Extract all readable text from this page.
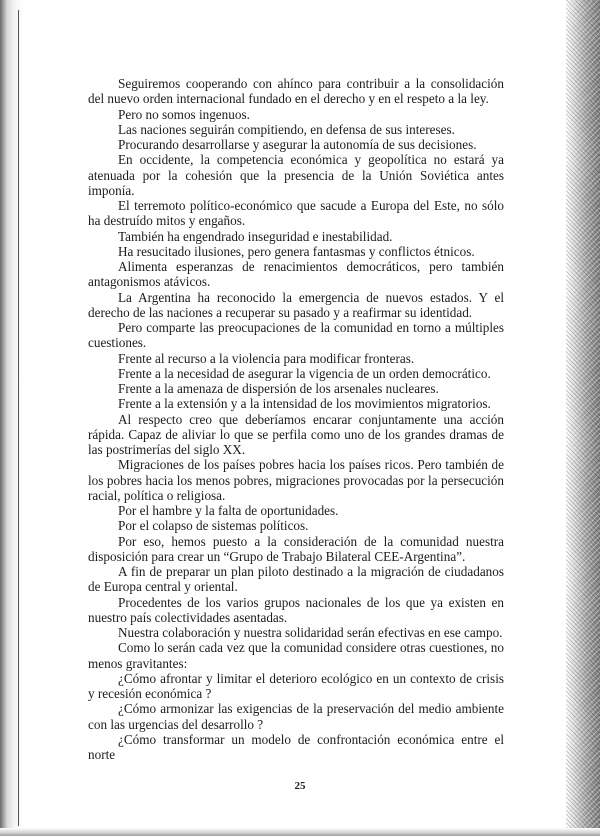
Seguiremos cooperando con ahínco para contribuir a la consolidación del nuevo orden internacional fundado en el derecho y en el respeto a la ley.

Pero no somos ingenuos.

Las naciones seguirán compitiendo, en defensa de sus intereses.

Procurando desarrollarse y asegurar la autonomía de sus decisiones.

En occidente, la competencia económica y geopolítica no estará ya atenuada por la cohesión que la presencia de la Unión Soviética antes imponía.

El terremoto político-económico que sacude a Europa del Este, no sólo ha destruído mitos y engaños.

También ha engendrado inseguridad e inestabilidad.

Ha resucitado ilusiones, pero genera fantasmas y conflictos étnicos.

Alimenta esperanzas de renacimientos democráticos, pero también antagonismos atávicos.

La Argentina ha reconocido la emergencia de nuevos estados. Y el derecho de las naciones a recuperar su pasado y a reafirmar su identidad.

Pero comparte las preocupaciones de la comunidad en torno a múltiples cuestiones.

Frente al recurso a la violencia para modificar fronteras.

Frente a la necesidad de asegurar la vigencia de un orden democrático.

Frente a la amenaza de dispersión de los arsenales nucleares.

Frente a la extensión y a la intensidad de los movimientos migratorios.

Al respecto creo que deberíamos encarar conjuntamente una acción rápida. Capaz de aliviar lo que se perfila como uno de los grandes dramas de las postrimerías del siglo XX.

Migraciones de los países pobres hacia los países ricos. Pero también de los pobres hacia los menos pobres, migraciones provocadas por la persecución racial, política o religiosa.

Por el hambre y la falta de oportunidades.

Por el colapso de sistemas políticos.

Por eso, hemos puesto a la consideración de la comunidad nuestra disposición para crear un “Grupo de Trabajo Bilateral CEE-Argentina”.

A fin de preparar un plan piloto destinado a la migración de ciudadanos de Europa central y oriental.

Procedentes de los varios grupos nacionales de los que ya existen en nuestro país colectividades asentadas.

Nuestra colaboración y nuestra solidaridad serán efectivas en ese campo.

Como lo serán cada vez que la comunidad considere otras cuestiones, no menos gravitantes:

¿Cómo afrontar y limitar el deterioro ecológico en un contexto de crisis y recesión económica ?

¿Cómo armonizar las exigencias de la preservación del medio ambiente con las urgencias del desarrollo ?

¿Cómo transformar un modelo de confrontación económica entre el norte

25
